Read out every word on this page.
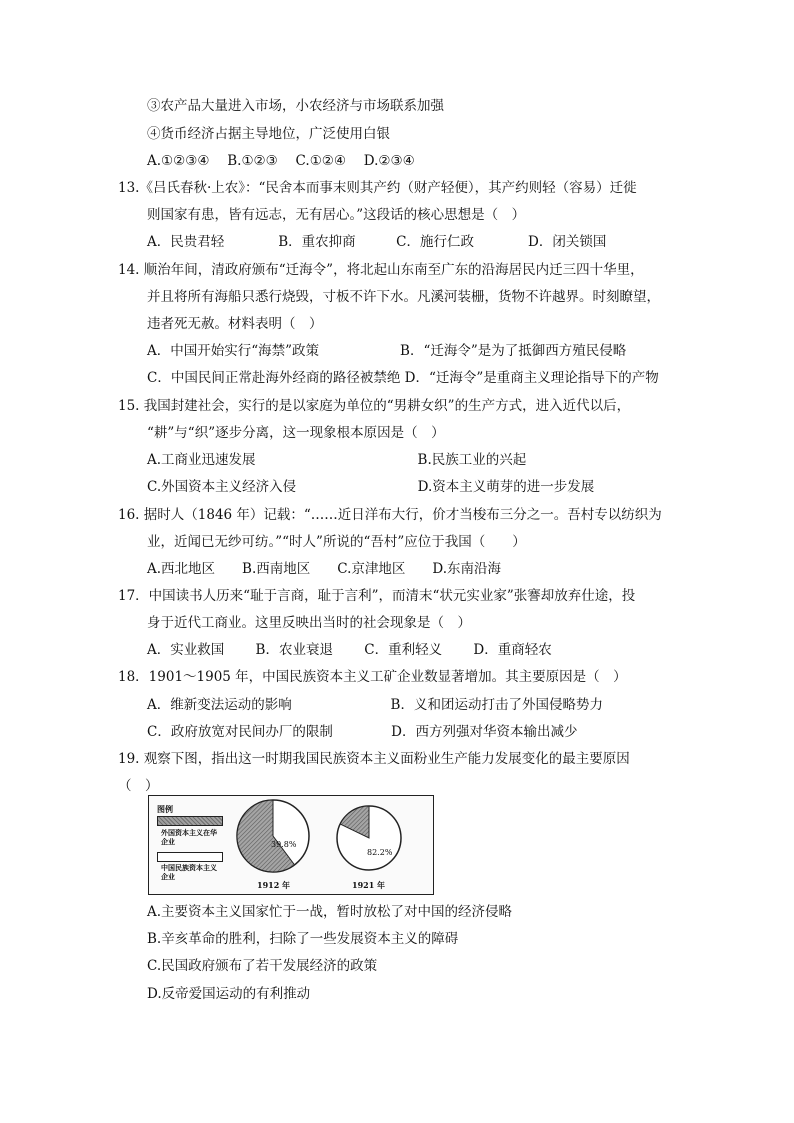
③农产品大量进入市场，小农经济与市场联系加强
④货币经济占据主导地位，广泛使用白银
A.①②③④　 B.①②③　 C.①②④　 D.②③④
13.《吕氏春秋·上农》：“民舍本而事末则其产约（财产轻便），其产约则轻（容易）迁徙
则国家有患，皆有远志，无有居心。”这段话的核心思想是（　）
A．民贵君轻　　　　B．重农抑商　　　C．施行仁政　　　　D．闭关锁国
14. 顺治年间，清政府颁布“迁海令”，将北起山东南至广东的沿海居民内迁三四十华里，
并且将所有海船只悉行烧毁，寸板不许下水。凡溪河装栅，货物不许越界。时刻瞭望，
违者死无赦。材料表明（　）
A．中国开始实行“海禁”政策　　　　　　B．“迁海令”是为了抵御西方殖民侵略
C．中国民间正常赴海外经商的路径被禁绝 D．“迁海令”是重商主义理论指导下的产物
15. 我国封建社会，实行的是以家庭为单位的“男耕女织”的生产方式，进入近代以后，
“耕”与“织”逐步分离，这一现象根本原因是（　）
A.工商业迅速发展　　　　　　　　　　　　B.民族工业的兴起
C.外国资本主义经济入侵　　　　　　　　　D.资本主义萌芽的进一步发展
16. 据时人（1846 年）记载：“……近日洋布大行，价才当梭布三分之一。吾村专以纺织为
业，近闻已无纱可纺。”“时人”所说的“吾村”应位于我国（　　）
A.西北地区　　B.西南地区　　C.京津地区　　D.东南沿海
17．中国读书人历来“耻于言商，耻于言利”，而清末“状元实业家”张謇却放弃仕途，投
身于近代工商业。这里反映出当时的社会现象是（　）
A．实业救国　　 B．农业衰退　　 C．重利轻义　　 D．重商轻农
18．1901～1905 年，中国民族资本主义工矿企业数显著增加。其主要原因是（　）
A．维新变法运动的影响　　　　　　　 B．义和团运动打击了外国侵略势力
C．政府放宽对民间办厂的限制　　　　 D．西方列强对华资本输出减少
19. 观察下图，指出这一时期我国民族资本主义面粉业生产能力发展变化的最主要原因
（　）
图例
外国资本主义在华企业
中国民族资本主义企业
1912 年	1921 年
39.8%
82.2%
A.主要资本主义国家忙于一战，暂时放松了对中国的经济侵略
B.辛亥革命的胜利，扫除了一些发展资本主义的障碍
C.民国政府颁布了若干发展经济的政策
D.反帝爱国运动的有利推动
